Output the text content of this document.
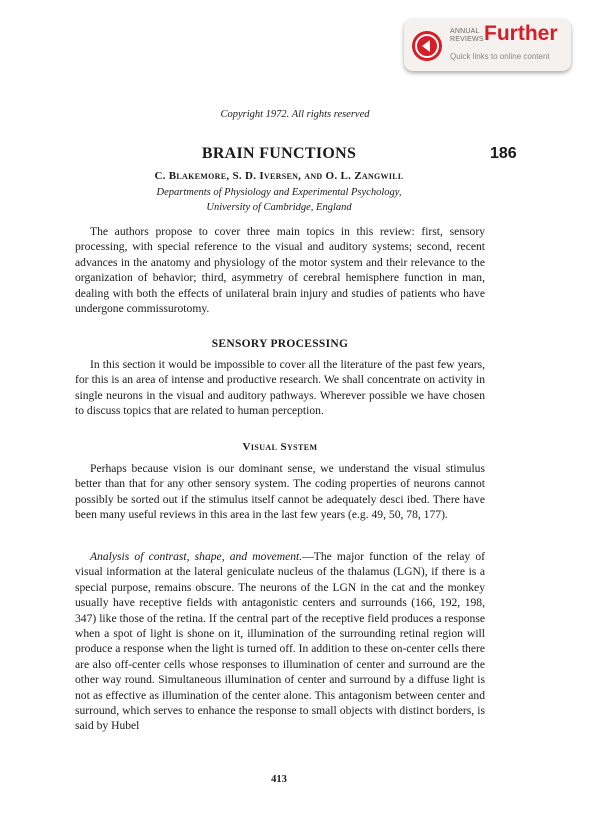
ANNUAL
REVIEWS Further
Quick links to online content
Copyright 1972. All rights reserved
BRAIN FUNCTIONS	186
C. Blakemore, S. D. Iversen, and O. L. Zangwill
Departments of Physiology and Experimental Psychology,
University of Cambridge, England
The authors propose to cover three main topics in this review: first, sensory processing, with special reference to the visual and auditory systems; second, recent advances in the anatomy and physiology of the motor system and their relevance to the organization of behavior; third, asymmetry of cerebral hemisphere function in man, dealing with both the effects of unilateral brain injury and studies of patients who have undergone commissurotomy.
SENSORY PROCESSING
In this section it would be impossible to cover all the literature of the past few years, for this is an area of intense and productive research. We shall concentrate on activity in single neurons in the visual and auditory pathways. Wherever possible we have chosen to discuss topics that are related to human perception.
Visual System
Perhaps because vision is our dominant sense, we understand the visual stimulus better than that for any other sensory system. The coding properties of neurons cannot possibly be sorted out if the stimulus itself cannot be adequately desci ibed. There have been many useful reviews in this area in the last few years (e.g. 49, 50, 78, 177).
Analysis of contrast, shape, and movement.—The major function of the relay of visual information at the lateral geniculate nucleus of the thalamus (LGN), if there is a special purpose, remains obscure. The neurons of the LGN in the cat and the monkey usually have receptive fields with antagonistic centers and surrounds (166, 192, 198, 347) like those of the retina. If the central part of the receptive field produces a response when a spot of light is shone on it, illumination of the surrounding retinal region will produce a response when the light is turned off. In addition to these on-center cells there are also off-center cells whose responses to illumination of center and surround are the other way round. Simultaneous illumination of center and surround by a diffuse light is not as effective as illumination of the center alone. This antagonism between center and surround, which serves to enhance the response to small objects with distinct borders, is said by Hubel
413
